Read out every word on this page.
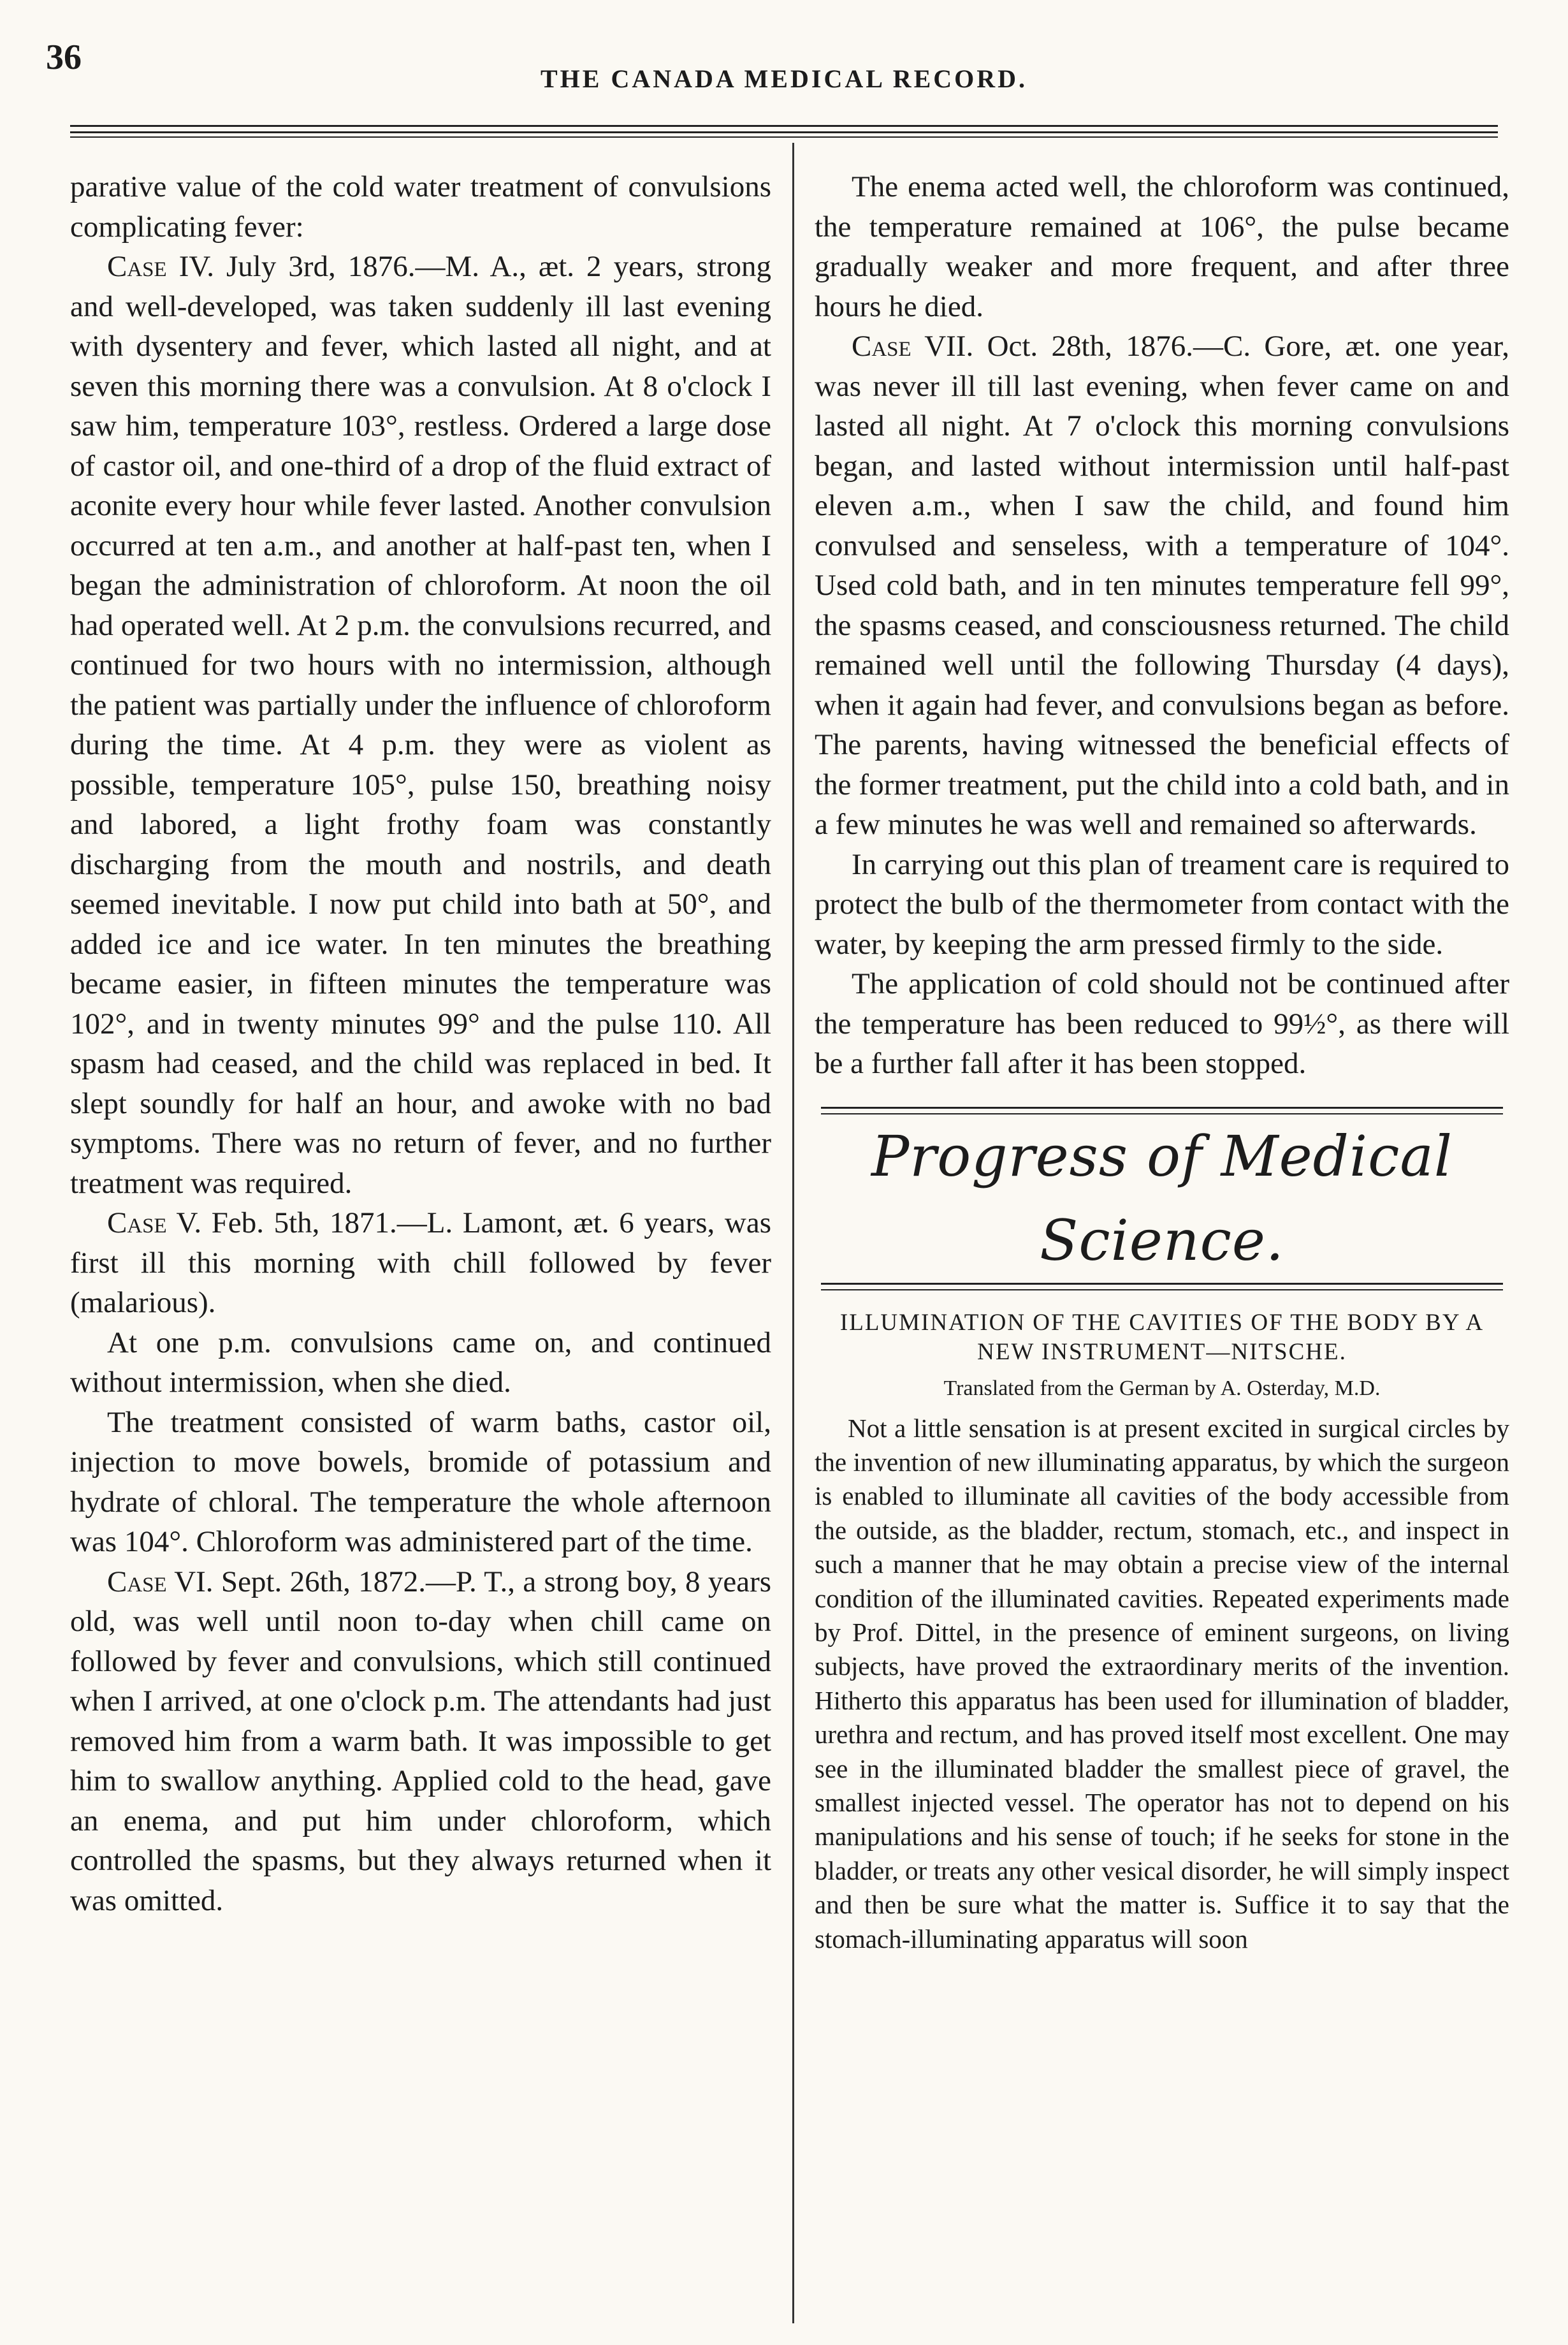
36
THE CANADA MEDICAL RECORD.

parative value of the cold water treatment of convulsions complicating fever:

Case IV. July 3rd, 1876.—M. A., æt. 2 years, strong and well-developed, was taken suddenly ill last evening with dysentery and fever, which lasted all night, and at seven this morning there was a convulsion. At 8 o'clock I saw him, temperature 103°, restless. Ordered a large dose of castor oil, and one-third of a drop of the fluid extract of aconite every hour while fever lasted. Another convulsion occurred at ten a.m., and another at half-past ten, when I began the administration of chloroform. At noon the oil had operated well. At 2 p.m. the convulsions recurred, and continued for two hours with no intermission, although the patient was partially under the influence of chloroform during the time. At 4 p.m. they were as violent as possible, temperature 105°, pulse 150, breathing noisy and labored, a light frothy foam was constantly discharging from the mouth and nostrils, and death seemed inevitable. I now put child into bath at 50°, and added ice and ice water. In ten minutes the breathing became easier, in fifteen minutes the temperature was 102°, and in twenty minutes 99° and the pulse 110. All spasm had ceased, and the child was replaced in bed. It slept soundly for half an hour, and awoke with no bad symptoms. There was no return of fever, and no further treatment was required.

Case V. Feb. 5th, 1871.—L. Lamont, æt. 6 years, was first ill this morning with chill followed by fever (malarious).

At one p.m. convulsions came on, and continued without intermission, when she died.

The treatment consisted of warm baths, castor oil, injection to move bowels, bromide of potassium and hydrate of chloral. The temperature the whole afternoon was 104°. Chloroform was administered part of the time.

Case VI. Sept. 26th, 1872.—P. T., a strong boy, 8 years old, was well until noon to-day when chill came on followed by fever and convulsions, which still continued when I arrived, at one o'clock p.m. The attendants had just removed him from a warm bath. It was impossible to get him to swallow anything. Applied cold to the head, gave an enema, and put him under chloroform, which controlled the spasms, but they always returned when it was omitted.

The enema acted well, the chloroform was continued, the temperature remained at 106°, the pulse became gradually weaker and more frequent, and after three hours he died.

Case VII. Oct. 28th, 1876.—C. Gore, æt. one year, was never ill till last evening, when fever came on and lasted all night. At 7 o'clock this morning convulsions began, and lasted without intermission until half-past eleven a.m., when I saw the child, and found him convulsed and senseless, with a temperature of 104°. Used cold bath, and in ten minutes temperature fell 99°, the spasms ceased, and consciousness returned. The child remained well until the following Thursday (4 days), when it again had fever, and convulsions began as before. The parents, having witnessed the beneficial effects of the former treatment, put the child into a cold bath, and in a few minutes he was well and remained so afterwards.

In carrying out this plan of treament care is required to protect the bulb of the thermometer from contact with the water, by keeping the arm pressed firmly to the side.

The application of cold should not be continued after the temperature has been reduced to 99½°, as there will be a further fall after it has been stopped.

Progress of Medical Science.
ILLUMINATION OF THE CAVITIES OF THE BODY BY A NEW INSTRUMENT—NITSCHE.
Translated from the German by A. Osterday, M.D.

Not a little sensation is at present excited in surgical circles by the invention of new illuminating apparatus, by which the surgeon is enabled to illuminate all cavities of the body accessible from the outside, as the bladder, rectum, stomach, etc., and inspect in such a manner that he may obtain a precise view of the internal condition of the illuminated cavities. Repeated experiments made by Prof. Dittel, in the presence of eminent surgeons, on living subjects, have proved the extraordinary merits of the invention. Hitherto this apparatus has been used for illumination of bladder, urethra and rectum, and has proved itself most excellent. One may see in the illuminated bladder the smallest piece of gravel, the smallest injected vessel. The operator has not to depend on his manipulations and his sense of touch; if he seeks for stone in the bladder, or treats any other vesical disorder, he will simply inspect and then be sure what the matter is. Suffice it to say that the stomach-illuminating apparatus will soon
